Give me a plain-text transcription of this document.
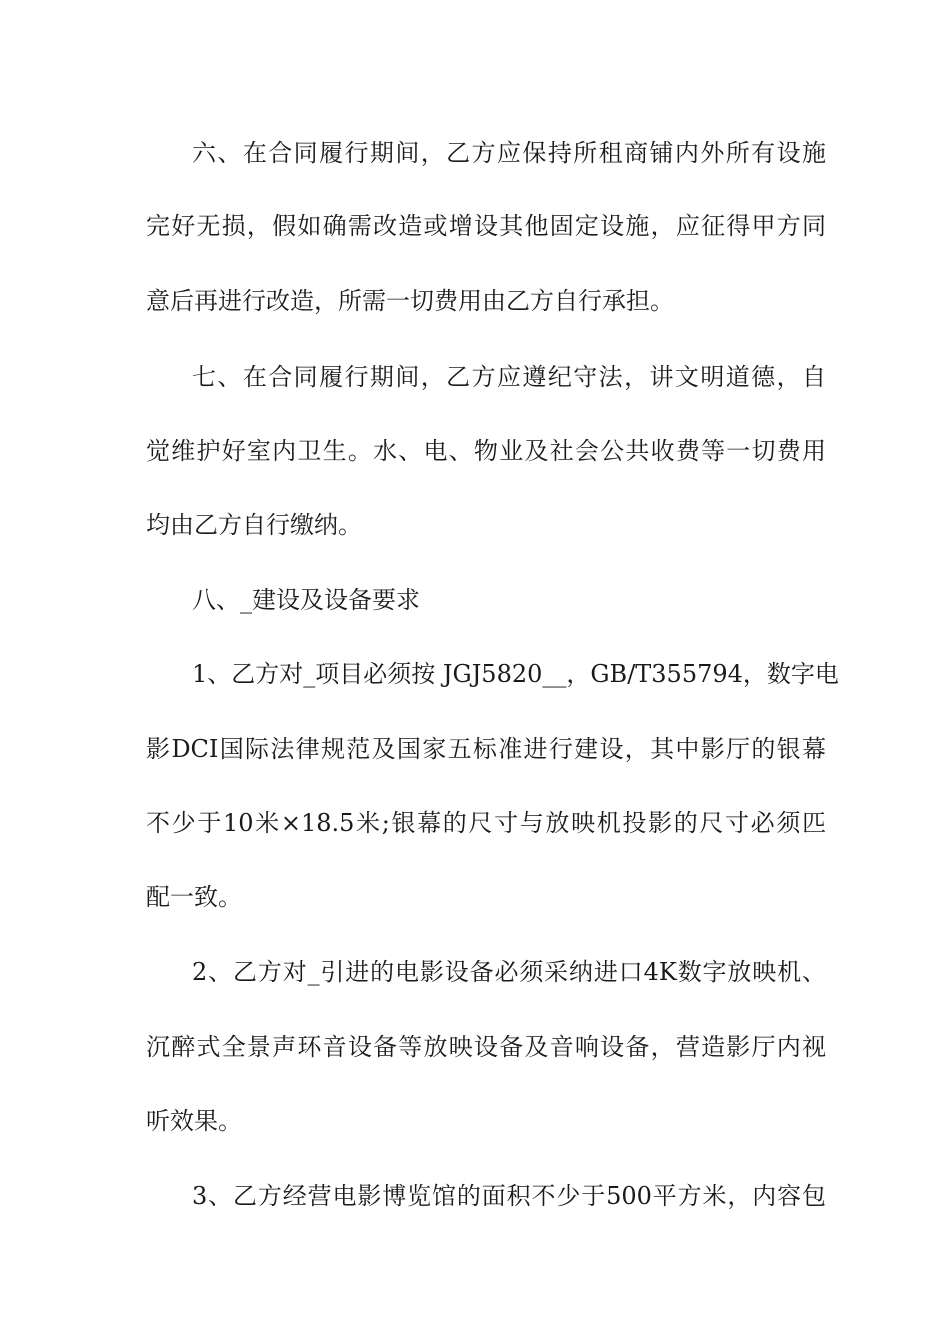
六、在合同履行期间，乙方应保持所租商铺内外所有设施
完好无损，假如确需改造或增设其他固定设施，应征得甲方同
意后再进行改造，所需一切费用由乙方自行承担。
七、在合同履行期间，乙方应遵纪守法，讲文明道德，自
觉维护好室内卫生。水、电、物业及社会公共收费等一切费用
均由乙方自行缴纳。
八、_建设及设备要求
1、乙方对_项目必须按 JGJ5820__，GB/T355794，数字电
影DCI国际法律规范及国家五标准进行建设，其中影厅的银幕
不少于10米×18.5米;银幕的尺寸与放映机投影的尺寸必须匹
配一致。
2、乙方对_引进的电影设备必须采纳进口4K数字放映机、
沉醉式全景声环音设备等放映设备及音响设备，营造影厅内视
听效果。
3、乙方经营电影博览馆的面积不少于500平方米，内容包
